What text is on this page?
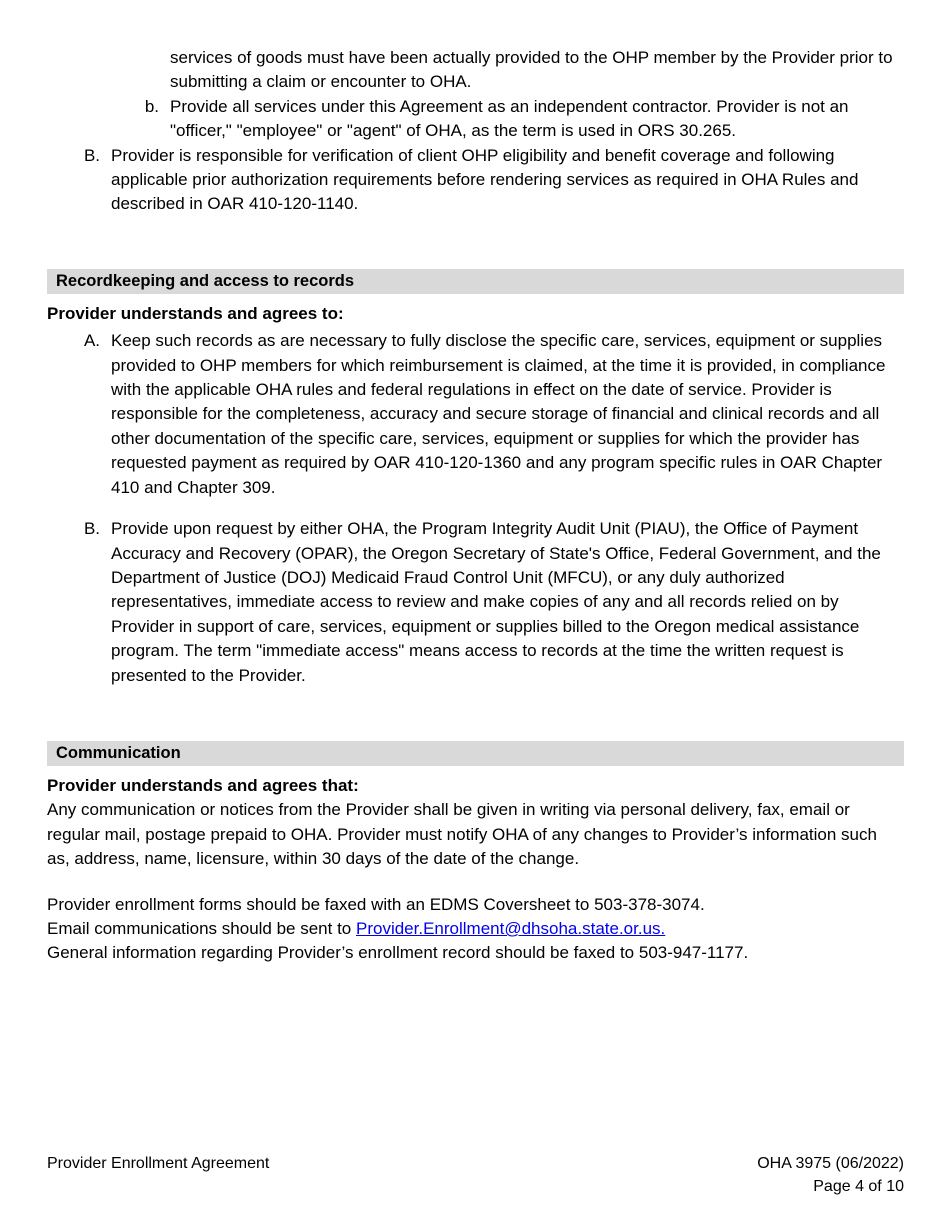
services of goods must have been actually provided to the OHP member by the Provider prior to submitting a claim or encounter to OHA.

b. Provide all services under this Agreement as an independent contractor. Provider is not an "officer," "employee" or "agent" of OHA, as the term is used in ORS 30.265.
B. Provider is responsible for verification of client OHP eligibility and benefit coverage and following applicable prior authorization requirements before rendering services as required in OHA Rules and described in OAR 410-120-1140.
Recordkeeping and access to records

Provider understands and agrees to:

A. Keep such records as are necessary to fully disclose the specific care, services, equipment or supplies provided to OHP members for which reimbursement is claimed, at the time it is provided, in compliance with the applicable OHA rules and federal regulations in effect on the date of service. Provider is responsible for the completeness, accuracy and secure storage of financial and clinical records and all other documentation of the specific care, services, equipment or supplies for which the provider has requested payment as required by OAR 410-120-1360 and any program specific rules in OAR Chapter 410 and Chapter 309.
B. Provide upon request by either OHA, the Program Integrity Audit Unit (PIAU), the Office of Payment Accuracy and Recovery (OPAR), the Oregon Secretary of State's Office, Federal Government, and the Department of Justice (DOJ) Medicaid Fraud Control Unit (MFCU), or any duly authorized representatives, immediate access to review and make copies of any and all records relied on by Provider in support of care, services, equipment or supplies billed to the Oregon medical assistance program. The term "immediate access" means access to records at the time the written request is presented to the Provider.
Communication

Provider understands and agrees that:

Any communication or notices from the Provider shall be given in writing via personal delivery, fax, email or regular mail, postage prepaid to OHA. Provider must notify OHA of any changes to Provider’s information such as, address, name, licensure, within 30 days of the date of the change.

Provider enrollment forms should be faxed with an EDMS Coversheet to 503-378-3074.

Email communications should be sent to Provider.Enrollment@dhsoha.state.or.us.

General information regarding Provider’s enrollment record should be faxed to 503-947-1177.

Provider Enrollment Agreement	OHA 3975 (06/2022)
Page 4 of 10
